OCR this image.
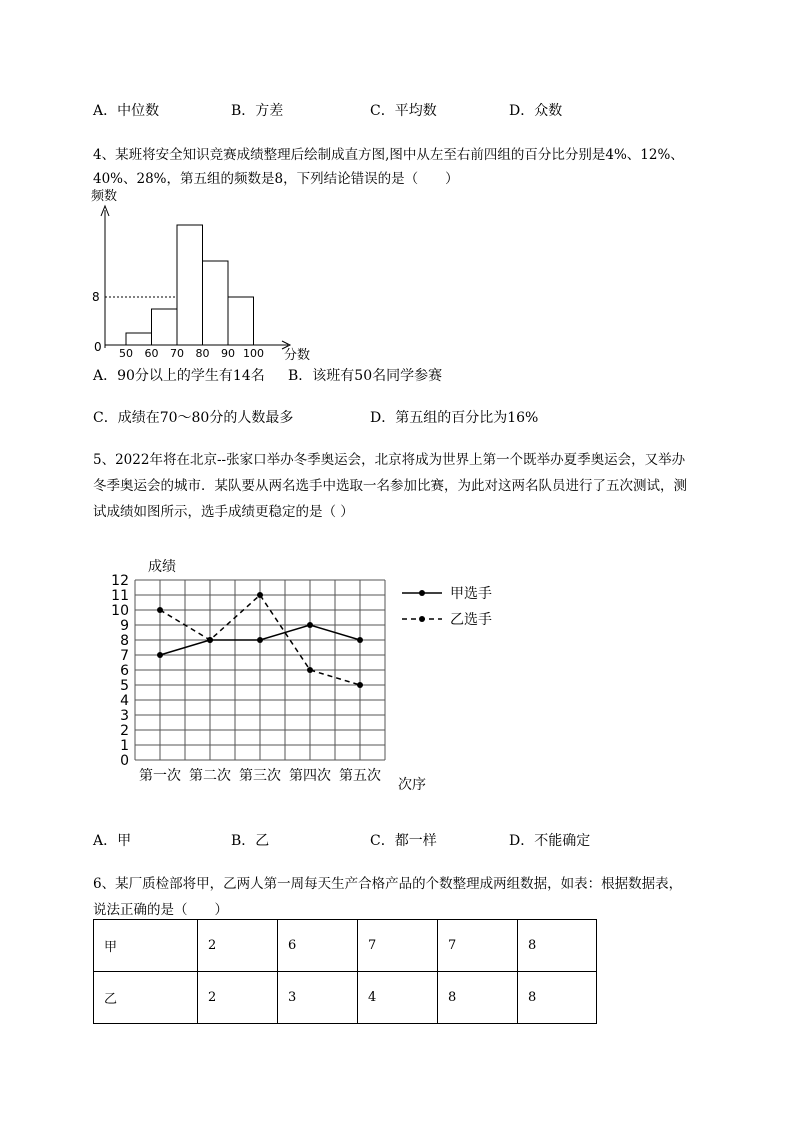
A．中位数	B．方差	C．平均数	D．众数
4、某班将安全知识竞赛成绩整理后绘制成直方图,图中从左至右前四组的百分比分别是4%、12%、
40%、28%，第五组的频数是8，下列结论错误的是（　　）
频数
8
0 50 60 70 80 90 100 分数
A．90分以上的学生有14名 B．该班有50名同学参赛
C．成绩在70～80分的人数最多	D．第五组的百分比为16%
5、2022年将在北京--张家口举办冬季奥运会，北京将成为世界上第一个既举办夏季奥运会，又举办
冬季奥运会的城市．某队要从两名选手中选取一名参加比赛，为此对这两名队员进行了五次测试，测
试成绩如图所示，选手成绩更稳定的是（ ）
成绩
0
1
2
3
4
5
6
7
8
9
10
11
12
第一次 第二次 第三次 第四次 第五次
次序
甲选手
乙选手
A．甲	B．乙	C．都一样	D．不能确定
6、某厂质检部将甲，乙两人第一周每天生产合格产品的个数整理成两组数据，如表：根据数据表，
说法正确的是（　　）
甲	2	6	7	7	8
乙	2	3	4	8	8
